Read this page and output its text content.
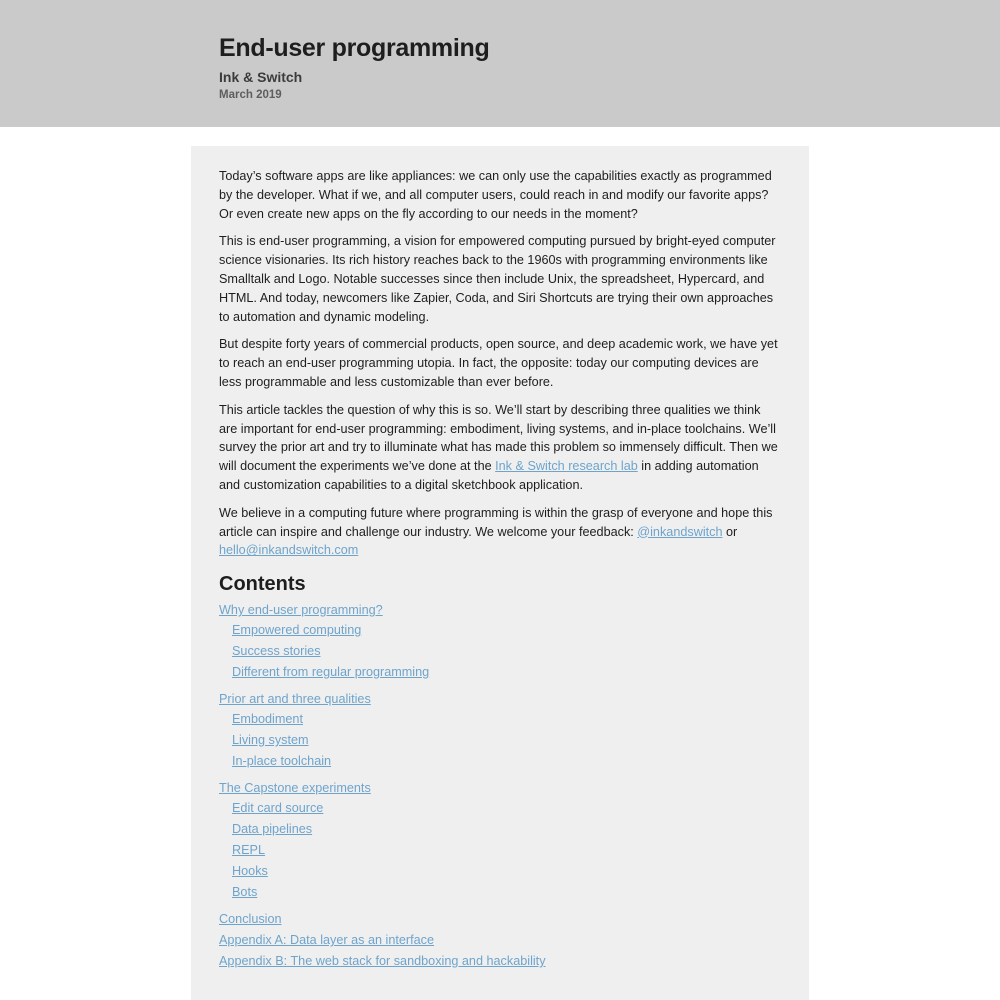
End-user programming
Ink & Switch
March 2019

Today’s software apps are like appliances: we can only use the capabilities exactly as programmed by the developer. What if we, and all computer users, could reach in and modify our favorite apps? Or even create new apps on the fly according to our needs in the moment?

This is end-user programming, a vision for empowered computing pursued by bright-eyed computer science visionaries. Its rich history reaches back to the 1960s with programming environments like Smalltalk and Logo. Notable successes since then include Unix, the spreadsheet, Hypercard, and HTML. And today, newcomers like Zapier, Coda, and Siri Shortcuts are trying their own approaches to automation and dynamic modeling.

But despite forty years of commercial products, open source, and deep academic work, we have yet to reach an end-user programming utopia. In fact, the opposite: today our computing devices are less programmable and less customizable than ever before.

This article tackles the question of why this is so. We’ll start by describing three qualities we think are important for end-user programming: embodiment, living systems, and in-place toolchains. We’ll survey the prior art and try to illuminate what has made this problem so immensely difficult. Then we will document the experiments we’ve done at the Ink & Switch research lab in adding automation and customization capabilities to a digital sketchbook application.

We believe in a computing future where programming is within the grasp of everyone and hope this article can inspire and challenge our industry. We welcome your feedback: @inkandswitch or hello@inkandswitch.com

Contents
Why end-user programming?
Empowered computing
Success stories
Different from regular programming
Prior art and three qualities
Embodiment
Living system
In-place toolchain
The Capstone experiments
Edit card source
Data pipelines
REPL
Hooks
Bots
Conclusion
Appendix A: Data layer as an interface
Appendix B: The web stack for sandboxing and hackability
